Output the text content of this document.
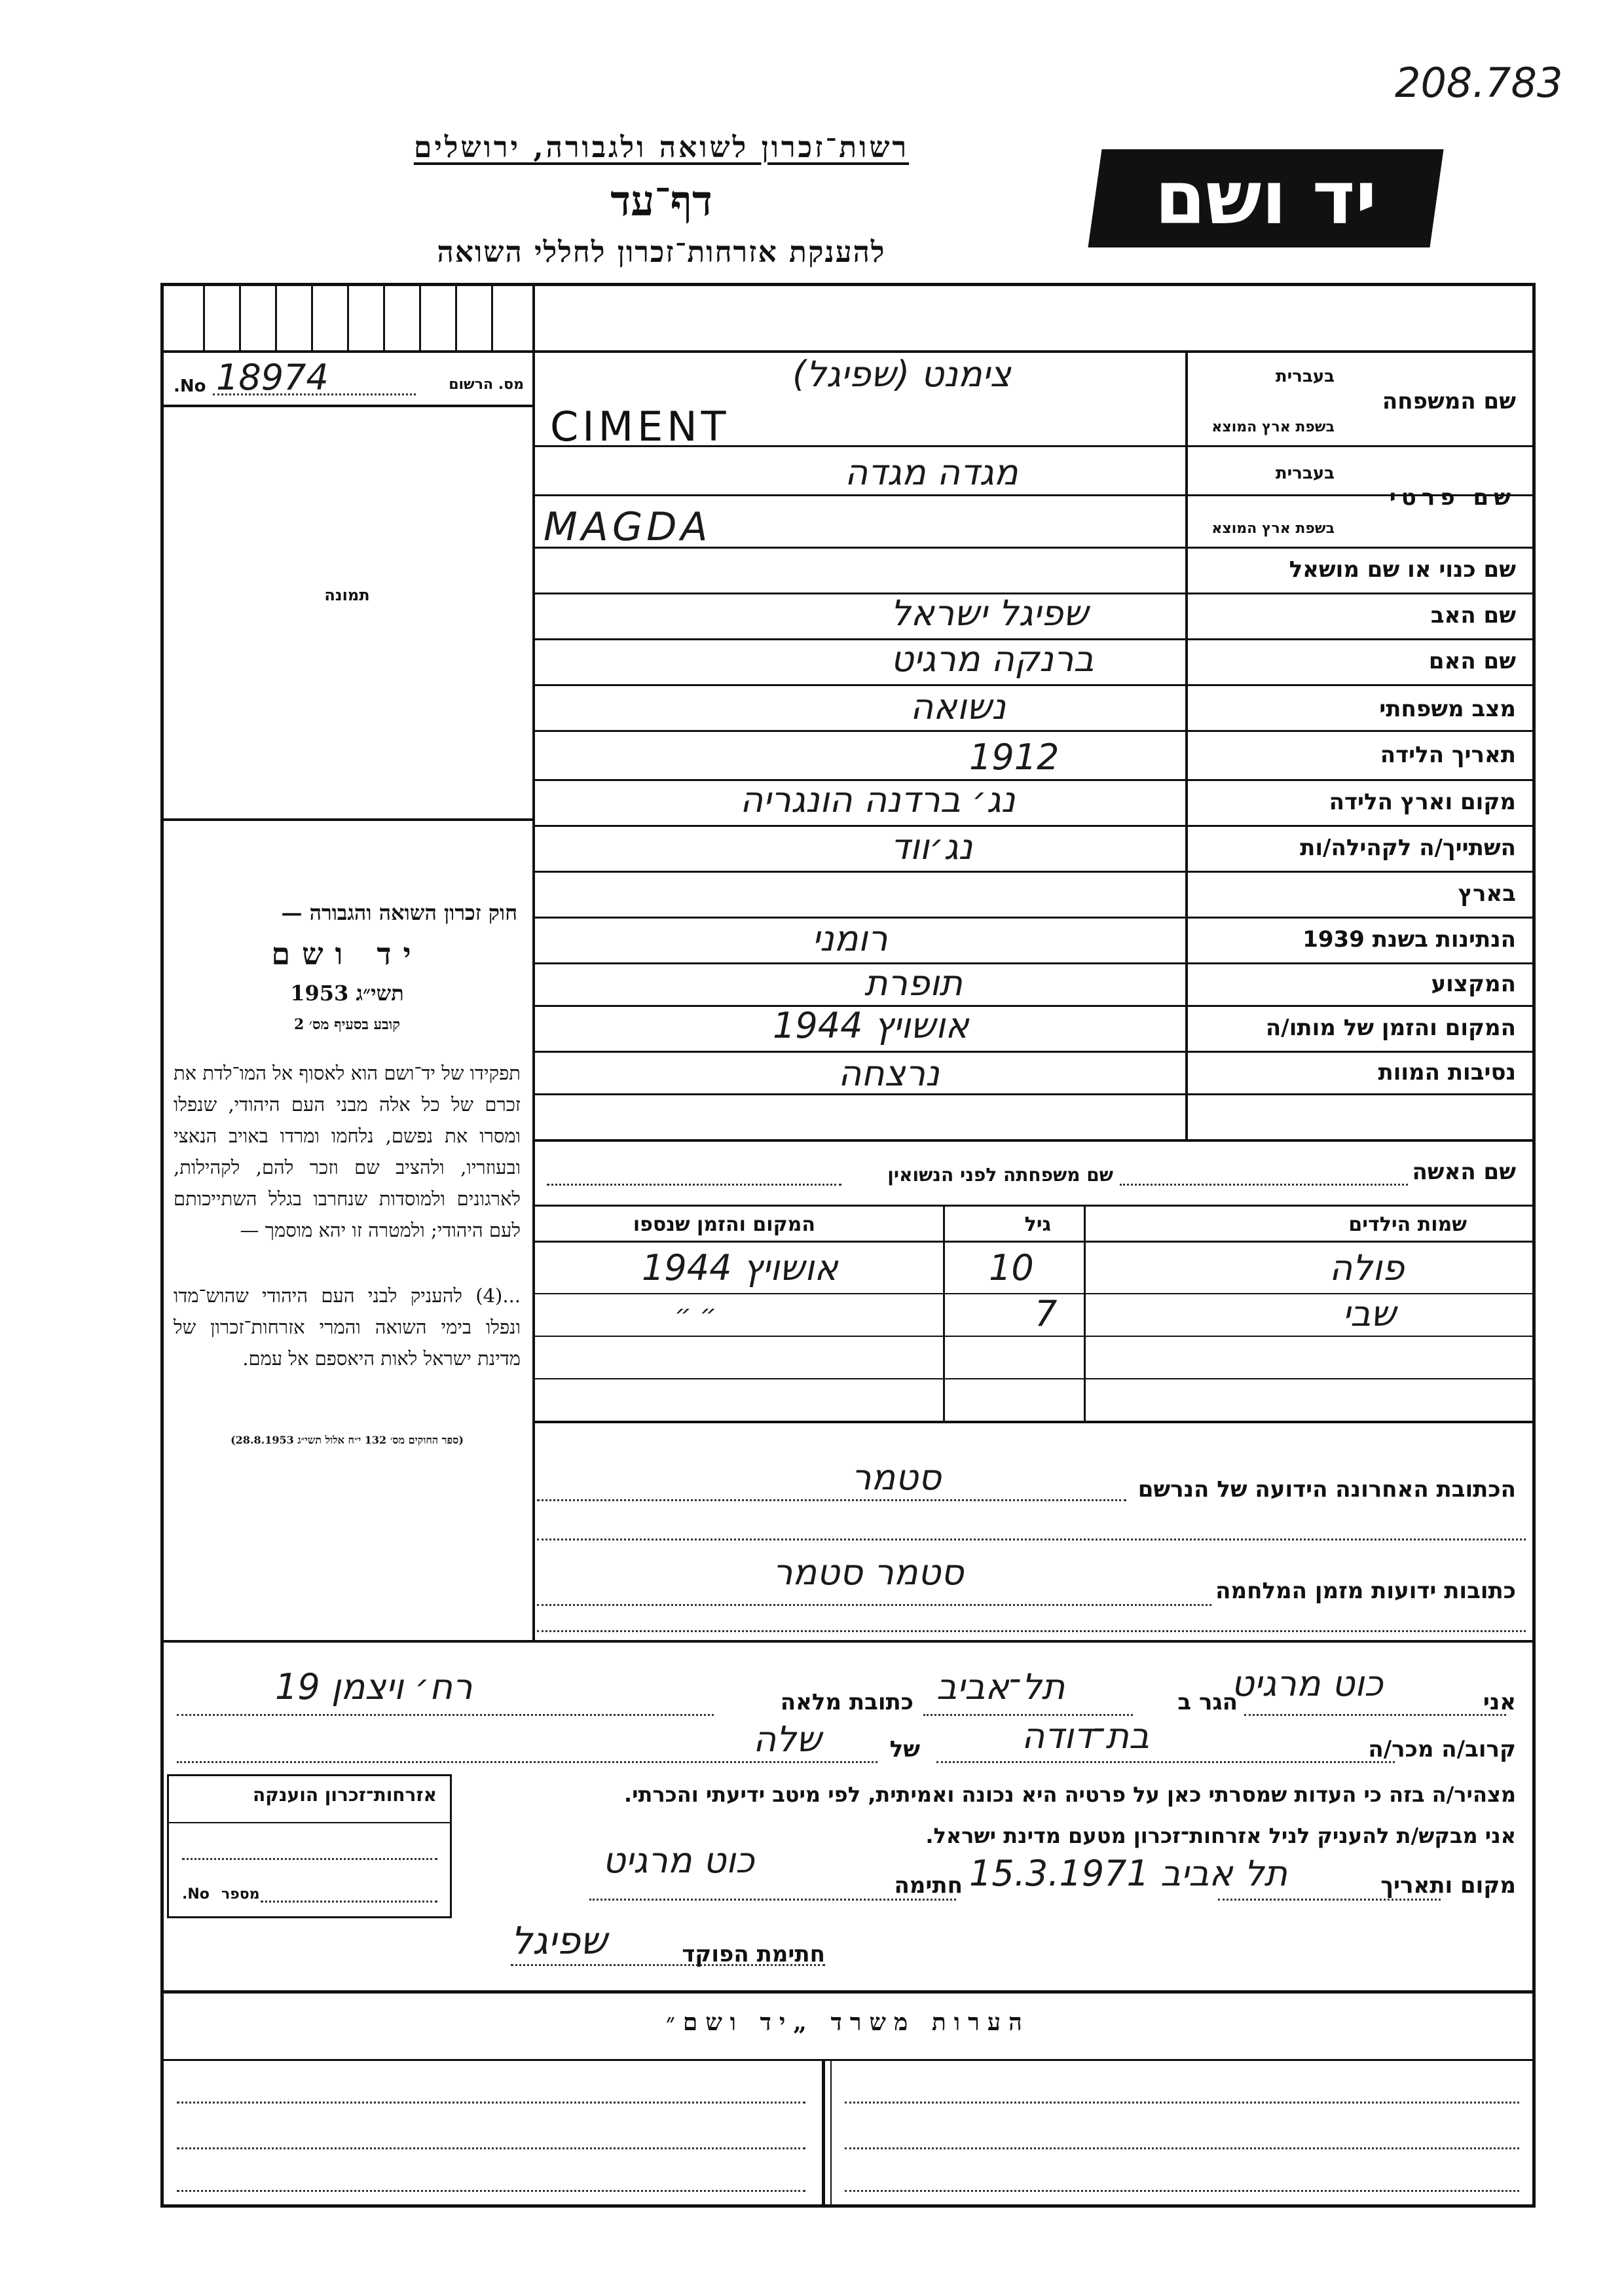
208.783
יד ושם
רשות־זכרון לשואה ולגבורה, ירושלים
דף־עד
להענקת אזרחות־זכרון לחללי השואה
No. 18974	מס. הרשום
תמונה
חוק זכרון השואה והגבורה —
יד ושם
תשי״ג 1953
קובע בסעיף מס׳ 2
תפקידו של יד־ושם הוא לאסוף אל המו־לדת את זכרם של כל אלה מבני העם היהודי, שנפלו ומסרו את נפשם, נלחמו ומרדו באויב הנאצי ובעוזריו, ולהציב שם וזכר להם, לקהילות, לארגונים ולמוסדות שנחרבו בגלל השתייכותם לעם היהודי; ולמטרה זו יהא מוסמך —
...(4) להעניק לבני העם היהודי שהוש־מדו ונפלו בימי השואה והמרי אזרחות־זכרון של מדינת ישראל לאות היאספם אל עמם.
(ספר החוקים מס׳ 132 י״ח אלול תשי״ג 28.8.1953)
שם המשפחה
בעברית
בשפת ארץ המוצא
צימנט (שפיגל)
CIMENT
שם פרטי
בעברית
בשפת ארץ המוצא
מגדה מגדה
MAGDA
שם כנוי או שם מושאל
שם האב
שפיגל ישראל
שם האם
ברנקה מרגיט
מצב משפחתי
נשואה
תאריך הלידה
1912
מקום וארץ הלידה
נג׳ ברדנה הונגריה
השתייך/ה לקהילה/ות
נג׳ווד
בארץ
הנתינות בשנת 1939
רומני
המקצוע
תופרת
המקום והזמן של מותו/ה
אושויץ 1944
נסיבות המוות
נרצחה
שם האשה
שם משפחתה לפני הנשואין
שמות הילדים
גיל
המקום והזמן שנספו
פולה
10
אושויץ 1944
שבי
7
״ ״
הכתובת האחרונה הידועה של הנרשם
סטמר
כתובות ידועות מזמן המלחמה
סטמר סטמר
אני
כוט מרגיט
הגר ב
תל־אביב
כתובת מלאה
רח׳ ויצמן 19
קרוב/ה מכר/ה
בת־דודה
של
שלה
מצהיר/ה בזה כי העדות שמסרתי כאן על פרטיה היא נכונה ואמיתית, לפי מיטב ידיעתי והכרתי.
אני מבקש/ת להעניק לניל אזרחות־זכרון מטעם מדינת ישראל.
אזרחות־זכרון הוענקה
No. מספר	מקום ותאריך
תל אביב 15.3.1971
חתימה
כוט מרגיט
חתימת הפוקד
שפיגל
הערות משרד „יד ושם״
